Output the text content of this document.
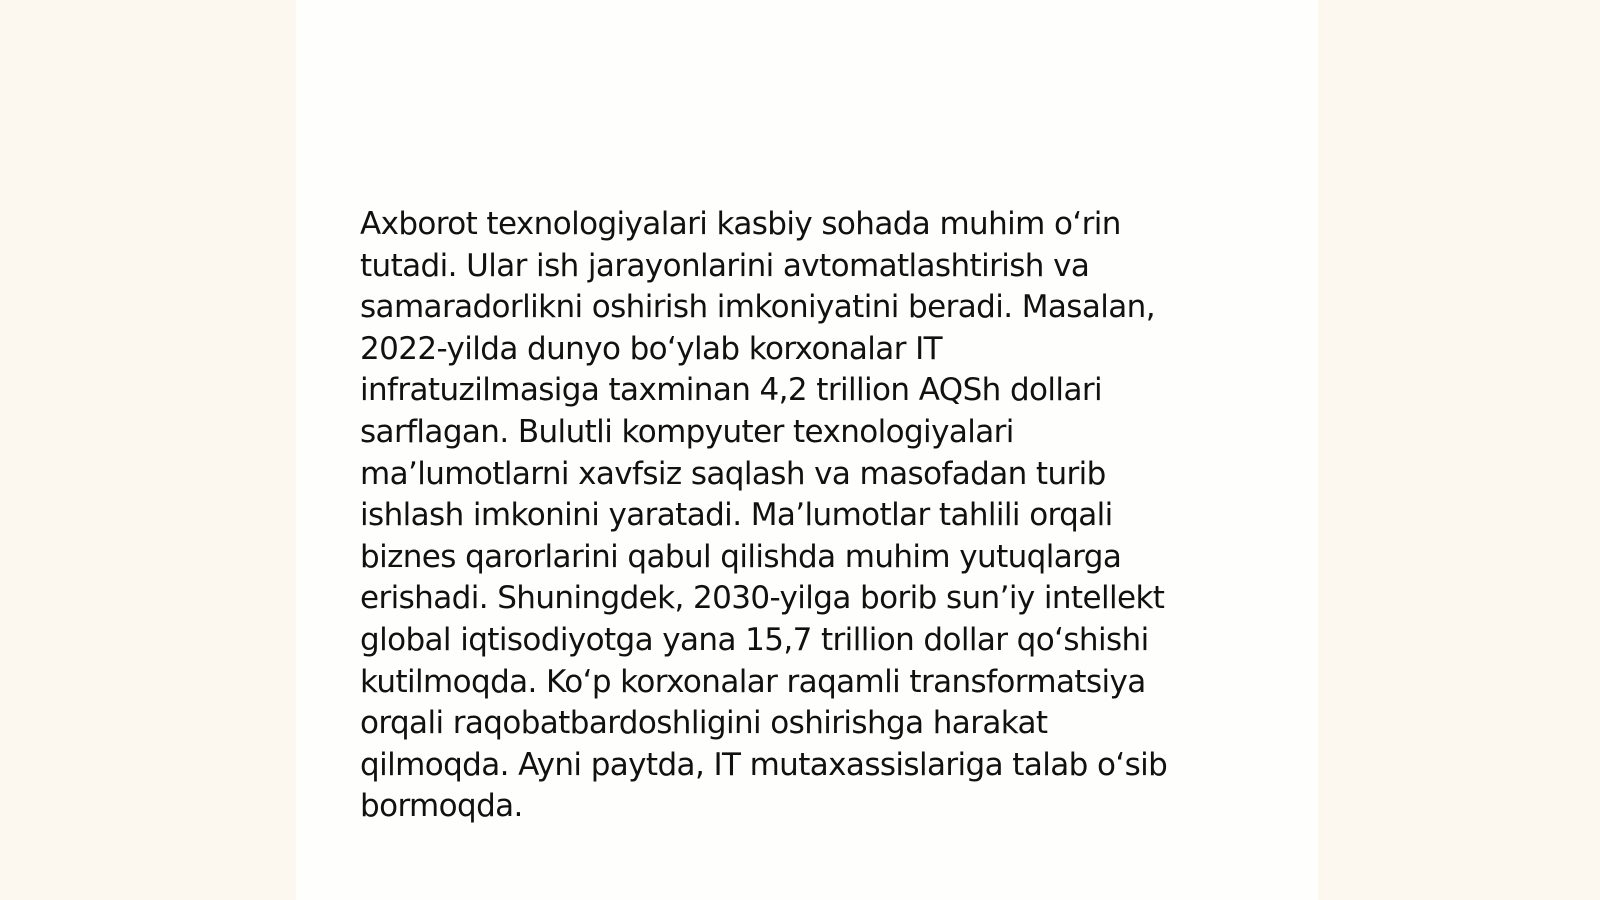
Axborot texnologiyalari kasbiy sohada muhim o‘rin
tutadi. Ular ish jarayonlarini avtomatlashtirish va
samaradorlikni oshirish imkoniyatini beradi. Masalan,
2022-yilda dunyo bo‘ylab korxonalar IT
infratuzilmasiga taxminan 4,2 trillion AQSh dollari
sarflagan. Bulutli kompyuter texnologiyalari
ma’lumotlarni xavfsiz saqlash va masofadan turib
ishlash imkonini yaratadi. Ma’lumotlar tahlili orqali
biznes qarorlarini qabul qilishda muhim yutuqlarga
erishadi. Shuningdek, 2030-yilga borib sun’iy intellekt
global iqtisodiyotga yana 15,7 trillion dollar qo‘shishi
kutilmoqda. Ko‘p korxonalar raqamli transformatsiya
orqali raqobatbardoshligini oshirishga harakat
qilmoqda. Ayni paytda, IT mutaxassislariga talab o‘sib
bormoqda.
